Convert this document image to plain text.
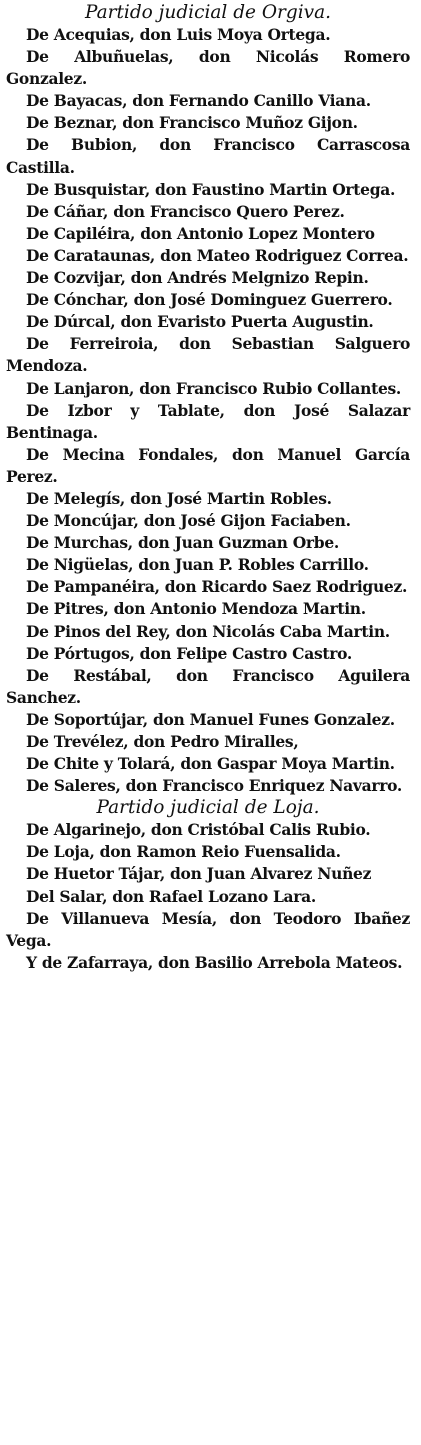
Partido judicial de Orgiva.

De Acequias, don Luis Moya Ortega.

De Albuñuelas, don Nicolás Romero Gonzalez.

De Bayacas, don Fernando Canillo Viana.

De Beznar, don Francisco Muñoz Gijon.

De Bubion, don Francisco Carrascosa Castilla.

De Busquistar, don Faustino Martin Ortega.

De Cáñar, don Francisco Quero Perez.

De Capiléira, don Antonio Lopez Montero

De Carataunas, don Mateo Rodriguez Correa.

De Cozvijar, don Andrés Melgnizo Repin.

De Cónchar, don José Dominguez Guerrero.

De Dúrcal, don Evaristo Puerta Augustin.

De Ferreiroia, don Sebastian Salguero Mendoza.

De Lanjaron, don Francisco Rubio Collantes.

De Izbor y Tablate, don José Salazar Bentinaga.

De Mecina Fondales, don Manuel García Perez.

De Melegís, don José Martin Robles.

De Moncújar, don José Gijon Faciaben.

De Murchas, don Juan Guzman Orbe.

De Nigüelas, don Juan P. Robles Carrillo.

De Pampanéira, don Ricardo Saez Rodriguez.

De Pitres, don Antonio Mendoza Martin.

De Pinos del Rey, don Nicolás Caba Martin.

De Pórtugos, don Felipe Castro Castro.

De Restábal, don Francisco Aguilera Sanchez.

De Soportújar, don Manuel Funes Gonzalez.

De Trevélez, don Pedro Miralles,

De Chite y Tolará, don Gaspar Moya Martin.

De Saleres, don Francisco Enriquez Navarro.

Partido judicial de Loja.

De Algarinejo, don Cristóbal Calis Rubio.

De Loja, don Ramon Reio Fuensalida.

De Huetor Tájar, don Juan Alvarez Nuñez

Del Salar, don Rafael Lozano Lara.

De Villanueva Mesía, don Teodoro Ibañez Vega.

Y de Zafarraya, don Basilio Arrebola Mateos.
